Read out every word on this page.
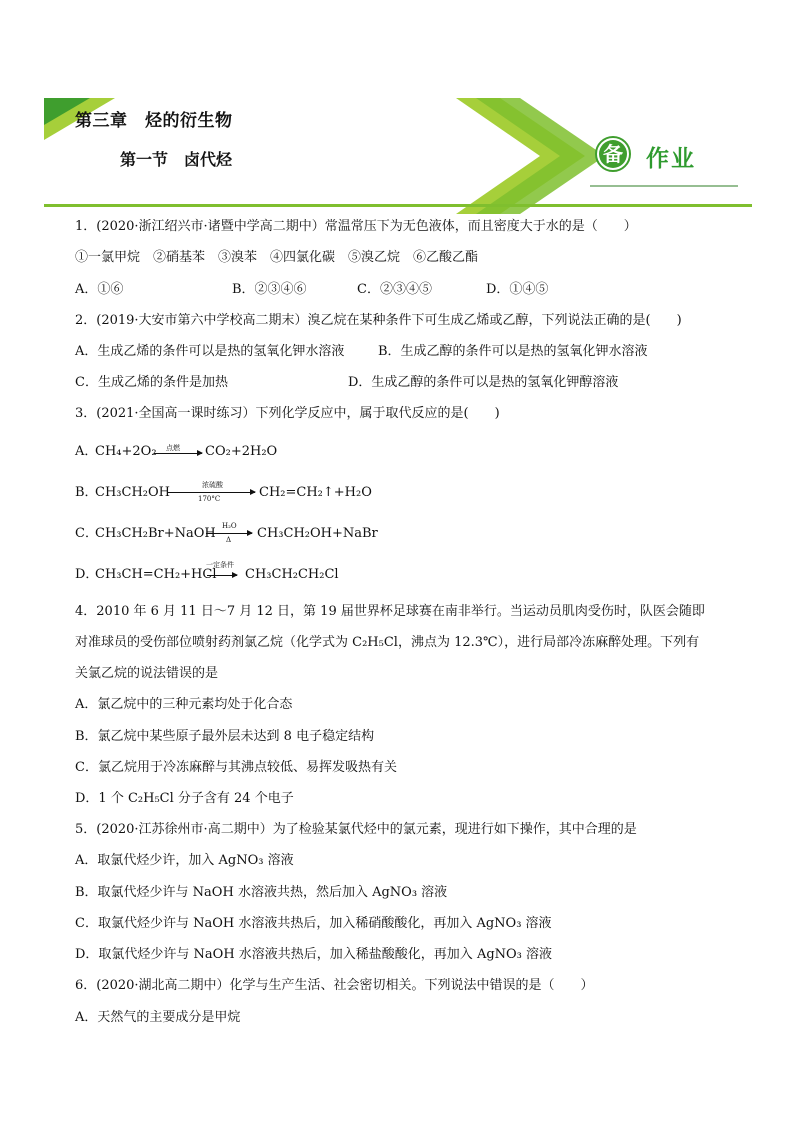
第三章　烃的衍生物
第一节　卤代烃	备 作业
1．(2020·浙江绍兴市·诸暨中学高二期中）常温常压下为无色液体，而且密度大于水的是（　　）
①一氯甲烷　②硝基苯　③溴苯　④四氯化碳　⑤溴乙烷　⑥乙酸乙酯
A．①⑥	B．②③④⑥	C．②③④⑤	D．①④⑤
2．(2019·大安市第六中学校高二期末）溴乙烷在某种条件下可生成乙烯或乙醇，下列说法正确的是(　　)
A．生成乙烯的条件可以是热的氢氧化钾水溶液	B．生成乙醇的条件可以是热的氢氧化钾水溶液
C．生成乙烯的条件是加热	D．生成乙醇的条件可以是热的氢氧化钾醇溶液
3．(2021·全国高一课时练习）下列化学反应中，属于取代反应的是(　　)
A．
CH₄+2O₂ 点燃 CO₂+2H₂O
B．
CH₃CH₂OH	浓硫酸
170°C	CH₂=CH₂↑+H₂O
C．
CH₃CH₂Br+NaOH H₂O
Δ CH₃CH₂OH+NaBr
D．
CH₃CH=CH₂+HCl
一定条件
CH₃CH₂CH₂Cl
4．2010 年 6 月 11 日～7 月 12 日，第 19 届世界杯足球赛在南非举行。当运动员肌肉受伤时，队医会随即
对准球员的受伤部位喷射药剂氯乙烷（化学式为 C₂H₅Cl，沸点为 12.3℃），进行局部冷冻麻醉处理。下列有
关氯乙烷的说法错误的是
A．氯乙烷中的三种元素均处于化合态
B．氯乙烷中某些原子最外层未达到 8 电子稳定结构
C．氯乙烷用于冷冻麻醉与其沸点较低、易挥发吸热有关
D．1 个 C₂H₅Cl 分子含有 24 个电子
5．(2020·江苏徐州市·高二期中）为了检验某氯代烃中的氯元素，现进行如下操作，其中合理的是
A．取氯代烃少许，加入 AgNO₃ 溶液
B．取氯代烃少许与 NaOH 水溶液共热，然后加入 AgNO₃ 溶液
C．取氯代烃少许与 NaOH 水溶液共热后，加入稀硝酸酸化，再加入 AgNO₃ 溶液
D．取氯代烃少许与 NaOH 水溶液共热后，加入稀盐酸酸化，再加入 AgNO₃ 溶液
6．(2020·湖北高二期中）化学与生产生活、社会密切相关。下列说法中错误的是（　　）
A．天然气的主要成分是甲烷
